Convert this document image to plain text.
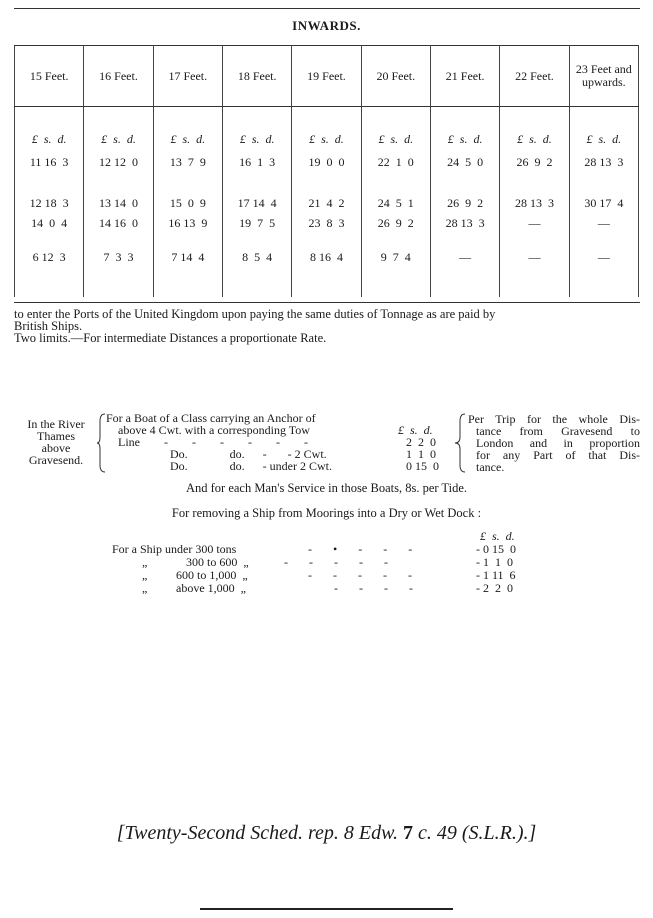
INWARDS.
15 Feet.	16 Feet.	17 Feet.	18 Feet.	19 Feet.	20 Feet.	21 Feet.	22 Feet.	23 Feet and upwards.
£  s.  d.	£  s.  d.	£  s.  d.	£  s.  d.	£  s.  d.	£  s.  d.	£  s.  d.	£  s.  d.	£  s.  d.
11 16  3	12 12  0	13  7  9	16  1  3	19  0  0	22  1  0	24  5  0	26  9  2	28 13  3
12 18  3	13 14  0	15  0  9	17 14  4	21  4  2	24  5  1	26  9  2	28 13  3	30 17  4
14  0  4	14 16  0	16 13  9	19  7  5	23  8  3	26  9  2	28 13  3	—	—
6 12  3	7  3  3	7 14  4	8  5  4	8 16  4	9  7  4	—	—	—

to enter the Ports of the United Kingdom upon paying the same duties of Tonnage as are paid by

British Ships.

Two limits.—For intermediate Distances a proportionate Rate.

In the River
Thames
above
Gravesend.
For a Boat of a Class carrying an Anchor of
above 4 Cwt. with a corresponding Tow	£  s.  d.
Line        -        -        -        -        -        -	2  2  0
Do.              do.      -       - 2 Cwt.	1  1  0
Do.              do.      - under 2 Cwt.	0 15  0
Per Trip for the whole Dis-
tance from Gravesend to
London and in proportion
for any Part of that Dis-
tance.
And for each Man's Service in those Boats, 8s. per Tide.
For removing a Ship from Moorings into a Dry or Wet Dock :
£  s.  d.
For a Ship under 300 tons	-       •       -       -       -	- 0 15  0
„	300 to 600  „	-       -       -       -       -	- 1  1  0
„ 600 to 1,000  „	-       -       -       -       -	- 1 11  6
„ above 1,000  „	-       -       -       -	- 2  2  0
[Twenty-Second Sched. rep. 8 Edw. 7 c. 49 (S.L.R.).]
